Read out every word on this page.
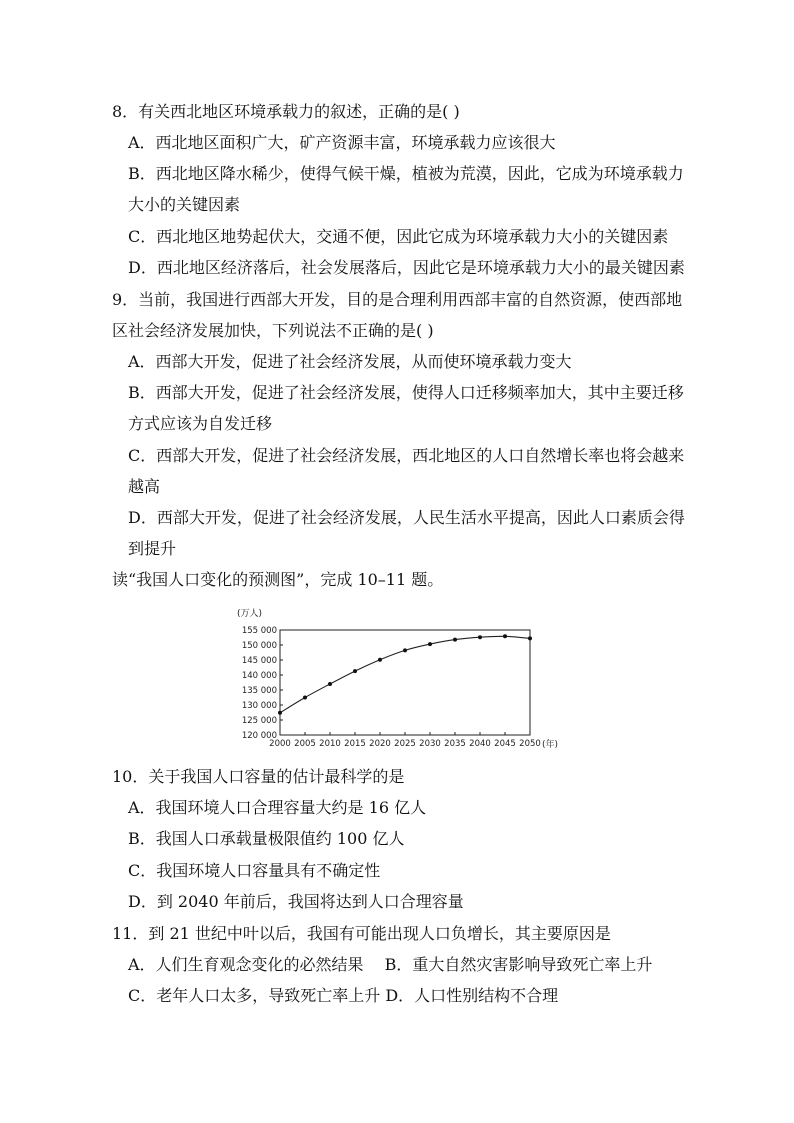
8．有关西北地区环境承载力的叙述，正确的是( )
A．西北地区面积广大，矿产资源丰富，环境承载力应该很大
B．西北地区降水稀少，使得气候干燥，植被为荒漠，因此，它成为环境承载力
大小的关键因素
C．西北地区地势起伏大，交通不便，因此它成为环境承载力大小的关键因素
D．西北地区经济落后，社会发展落后，因此它是环境承载力大小的最关键因素
9．当前，我国进行西部大开发，目的是合理利用西部丰富的自然资源，使西部地
区社会经济发展加快，下列说法不正确的是( )
A．西部大开发，促进了社会经济发展，从而使环境承载力变大
B．西部大开发，促进了社会经济发展，使得人口迁移频率加大，其中主要迁移
方式应该为自发迁移
C．西部大开发，促进了社会经济发展，西北地区的人口自然增长率也将会越来
越高
D．西部大开发，促进了社会经济发展，人民生活水平提高，因此人口素质会得
到提升
读“我国人口变化的预测图”，完成 10–11 题。
(万人)
(年)
155 000
150 000
145 000
140 000
135 000
130 000
125 000
120 000
2000 2005 2010 2015 2020 2025 2030 2035 2040 2045 2050
10．关于我国人口容量的估计最科学的是
A．我国环境人口合理容量大约是 16 亿人
B．我国人口承载量极限值约 100 亿人
C．我国环境人口容量具有不确定性
D．到 2040 年前后，我国将达到人口合理容量
11．到 21 世纪中叶以后，我国有可能出现人口负增长，其主要原因是
A．人们生育观念变化的必然结果　 B．重大自然灾害影响导致死亡率上升
C．老年人口太多，导致死亡率上升 D．人口性别结构不合理
